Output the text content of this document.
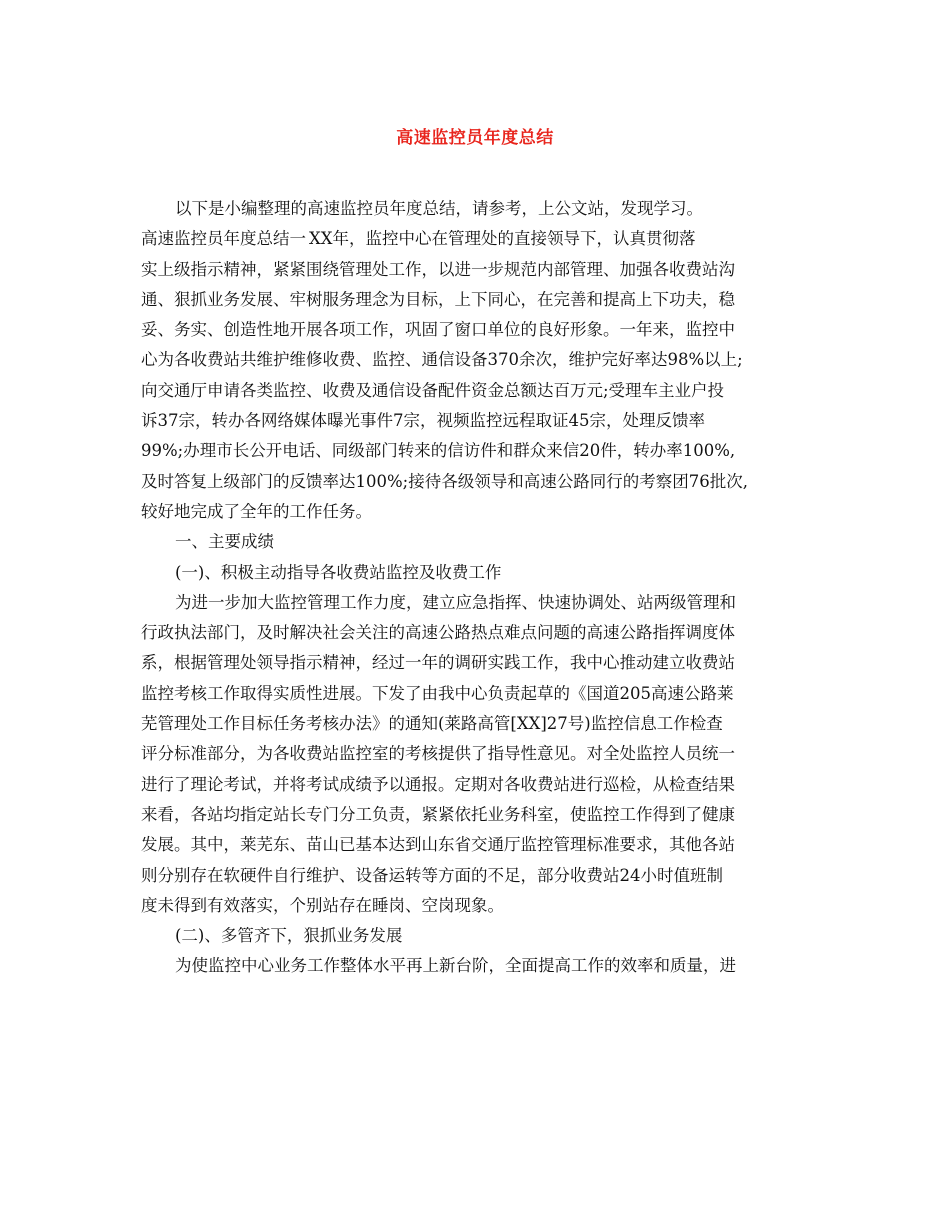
高速监控员年度总结

以下是小编整理的高速监控员年度总结，请参考，上公文站，发现学习。

高速监控员年度总结一 XX年，监控中心在管理处的直接领导下，认真贯彻落

实上级指示精神，紧紧围绕管理处工作，以进一步规范内部管理、加强各收费站沟

通、狠抓业务发展、牢树服务理念为目标，上下同心，在完善和提高上下功夫，稳

妥、务实、创造性地开展各项工作，巩固了窗口单位的良好形象。一年来，监控中

心为各收费站共维护维修收费、监控、通信设备370余次，维护完好率达98%以上;

向交通厅申请各类监控、收费及通信设备配件资金总额达百万元;受理车主业户投

诉37宗，转办各网络媒体曝光事件7宗，视频监控远程取证45宗，处理反馈率

99%;办理市长公开电话、同级部门转来的信访件和群众来信20件，转办率100%,

及时答复上级部门的反馈率达100%;接待各级领导和高速公路同行的考察团76批次,

较好地完成了全年的工作任务。

一、主要成绩

(一)、积极主动指导各收费站监控及收费工作

为进一步加大监控管理工作力度，建立应急指挥、快速协调处、站两级管理和

行政执法部门，及时解决社会关注的高速公路热点难点问题的高速公路指挥调度体

系，根据管理处领导指示精神，经过一年的调研实践工作，我中心推动建立收费站

监控考核工作取得实质性进展。下发了由我中心负责起草的《国道205高速公路莱

芜管理处工作目标任务考核办法》的通知(莱路高管[XX]27号)监控信息工作检查

评分标准部分，为各收费站监控室的考核提供了指导性意见。对全处监控人员统一

进行了理论考试，并将考试成绩予以通报。定期对各收费站进行巡检，从检查结果

来看，各站均指定站长专门分工负责，紧紧依托业务科室，使监控工作得到了健康

发展。其中，莱芜东、苗山已基本达到山东省交通厅监控管理标准要求，其他各站

则分别存在软硬件自行维护、设备运转等方面的不足，部分收费站24小时值班制

度未得到有效落实，个别站存在睡岗、空岗现象。

(二)、多管齐下，狠抓业务发展

为使监控中心业务工作整体水平再上新台阶，全面提高工作的效率和质量，进
